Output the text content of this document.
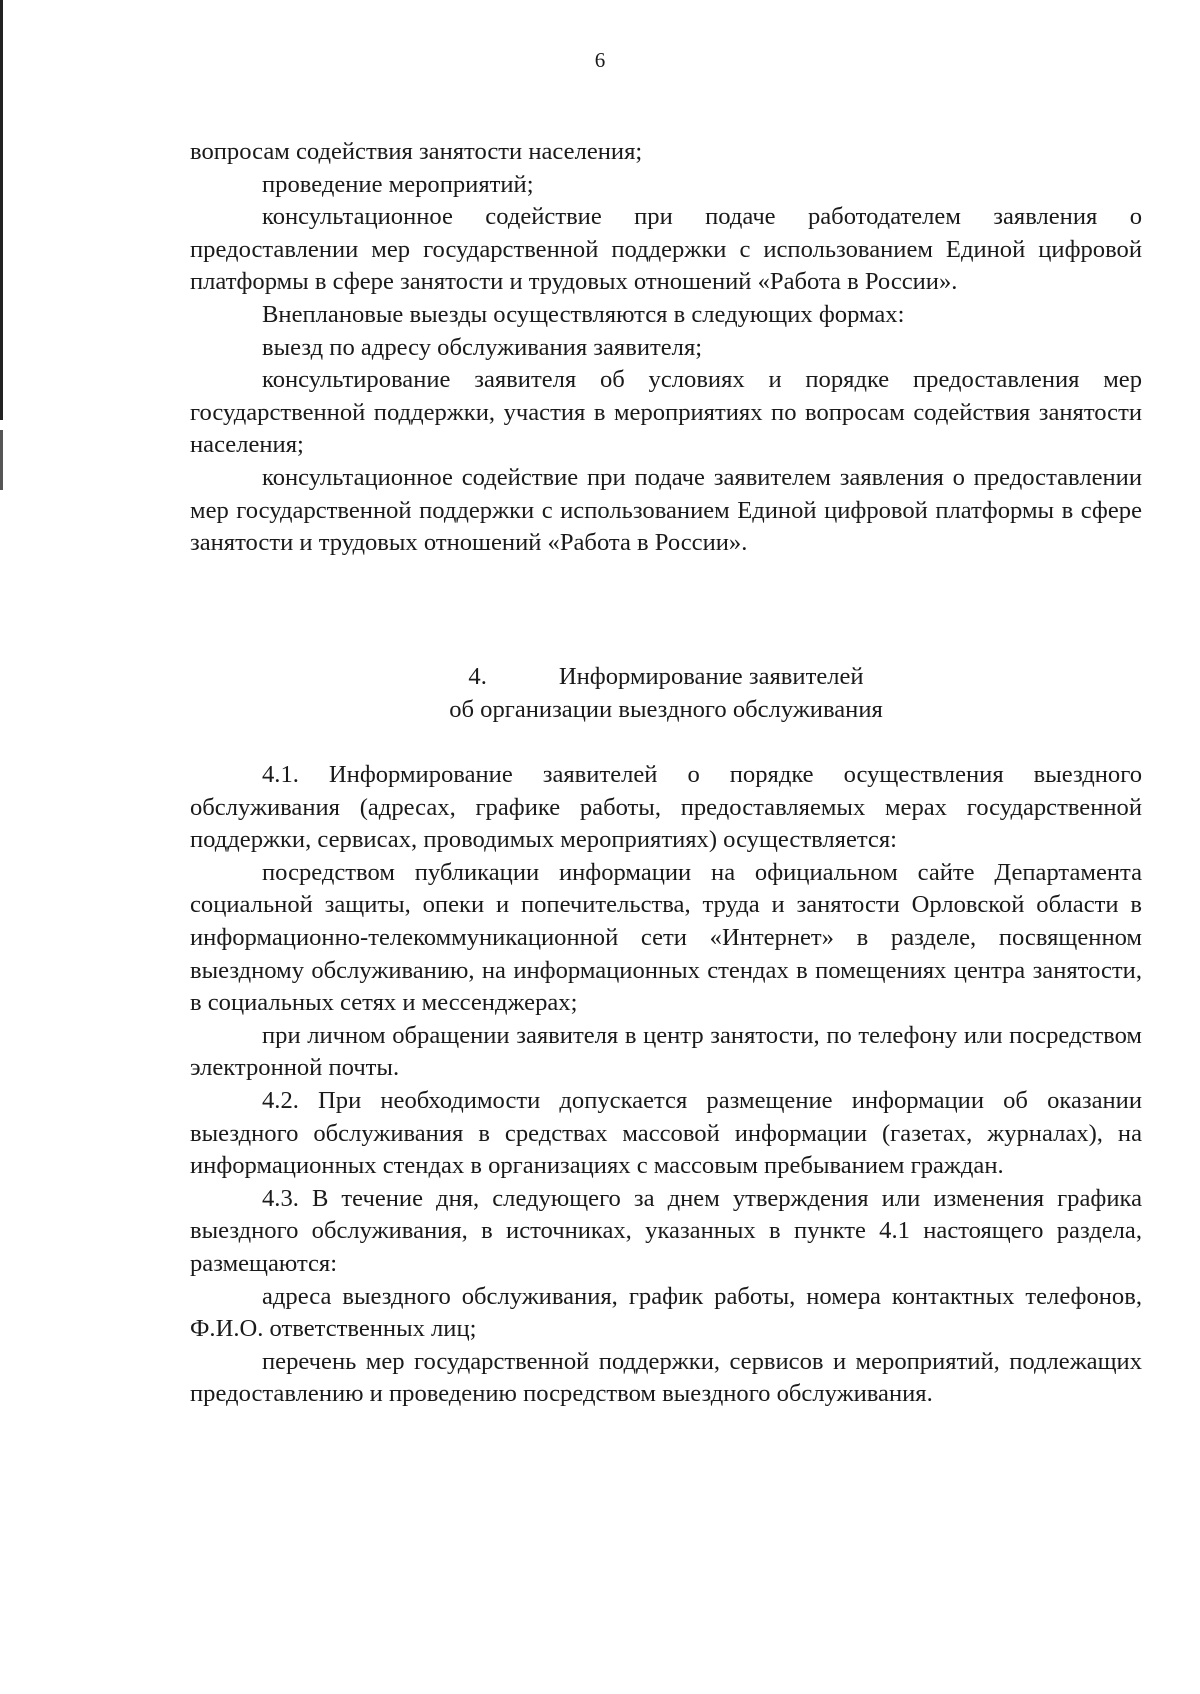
6

вопросам содействия занятости населения;

проведение мероприятий;

консультационное содействие при подаче работодателем заявления о предоставлении мер государственной поддержки с использованием Единой цифровой платформы в сфере занятости и трудовых отношений «Работа в России».

Внеплановые выезды осуществляются в следующих формах:

выезд по адресу обслуживания заявителя;

консультирование заявителя об условиях и порядке предоставления мер государственной поддержки, участия в мероприятиях по вопросам содействия занятости населения;

консультационное содействие при подаче заявителем заявления о предоставлении мер государственной поддержки с использованием Единой цифровой платформы в сфере занятости и трудовых отношений «Работа в России».

4.	Информирование заявителей
об организации выездного обслуживания

4.1. Информирование заявителей о порядке осуществления выездного обслуживания (адресах, графике работы, предоставляемых мерах государственной поддержки, сервисах, проводимых мероприятиях) осуществляется:

посредством публикации информации на официальном сайте Департамента социальной защиты, опеки и попечительства, труда и занятости Орловской области в информационно-телекоммуникационной сети «Интернет» в разделе, посвященном выездному обслуживанию, на информационных стендах в помещениях центра занятости, в социальных сетях и мессенджерах;

при личном обращении заявителя в центр занятости, по телефону или посредством электронной почты.

4.2. При необходимости допускается размещение информации об оказании выездного обслуживания в средствах массовой информации (газетах, журналах), на информационных стендах в организациях с массовым пребыванием граждан.

4.3. В течение дня, следующего за днем утверждения или изменения графика выездного обслуживания, в источниках, указанных в пункте 4.1 настоящего раздела, размещаются:

адреса выездного обслуживания, график работы, номера контактных телефонов, Ф.И.О. ответственных лиц;

перечень мер государственной поддержки, сервисов и мероприятий, подлежащих предоставлению и проведению посредством выездного обслуживания.
